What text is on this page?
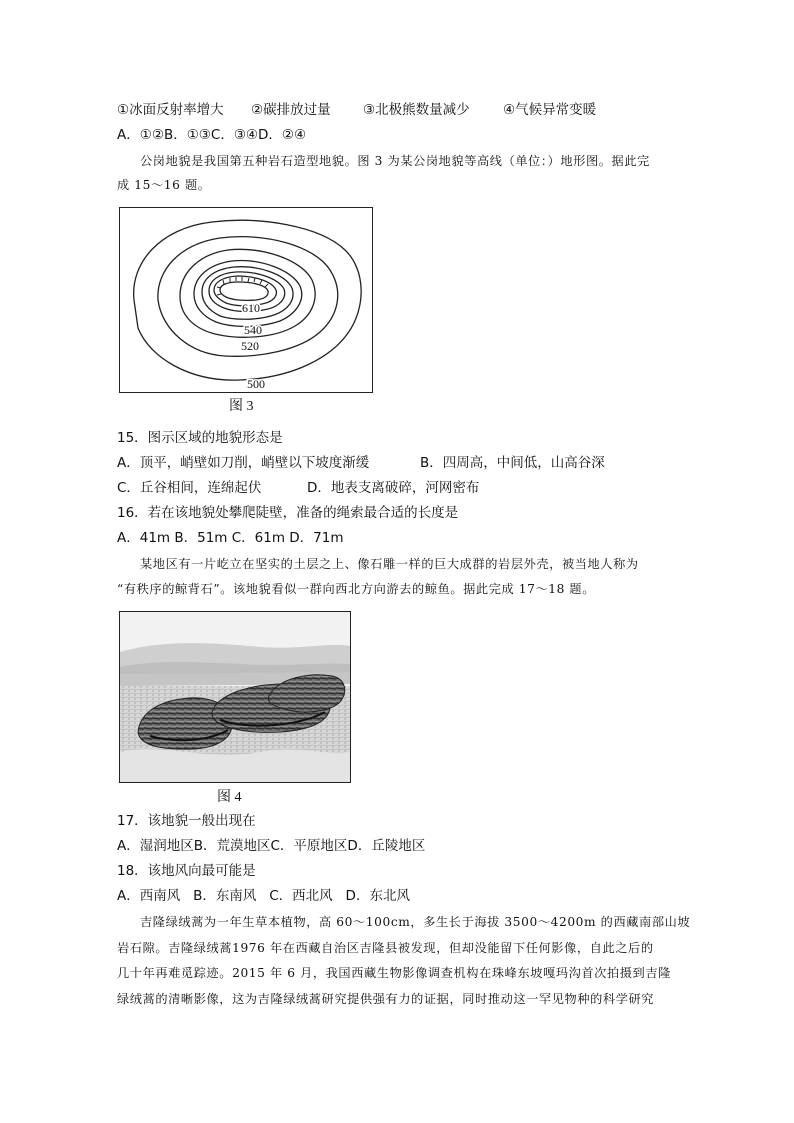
①冰面反射率增大 ②碳排放过量 ③北极熊数量减少 ④气候异常变暖
A．①②B．①③C．③④D．②④
公岗地貌是我国第五种岩石造型地貌。图 3 为某公岗地貌等高线（单位：）地形图。据此完
成 15～16 题。
610
540
520
500
图 3
15．图示区域的地貌形态是
A．顶平，峭壁如刀削，峭壁以下坡度渐缓	B．四周高，中间低，山高谷深
C．丘谷相间，连绵起伏	D．地表支离破碎，河网密布
16．若在该地貌处攀爬陡壁，准备的绳索最合适的长度是
A．41m B．51m C．61m D．71m
某地区有一片屹立在坚实的土层之上、像石雕一样的巨大成群的岩层外壳，被当地人称为
“有秩序的鲸背石”。该地貌看似一群向西北方向游去的鲸鱼。据此完成 17～18 题。
图 4
17．该地貌一般出现在
A．湿润地区B．荒漠地区C．平原地区D．丘陵地区
18．该地风向最可能是
A．西南风   B．东南风   C．西北风   D．东北风
吉隆绿绒蒿为一年生草本植物，高 60～100cm，多生长于海拔 3500～4200m 的西藏南部山坡
岩石隙。吉隆绿绒蒿1976 年在西藏自治区吉隆县被发现，但却没能留下任何影像，自此之后的
几十年再难觅踪迹。2015 年 6 月，我国西藏生物影像调查机构在珠峰东坡嘎玛沟首次拍摄到吉隆
绿绒蒿的清晰影像，这为吉隆绿绒蒿研究提供强有力的证据，同时推动这一罕见物种的科学研究
